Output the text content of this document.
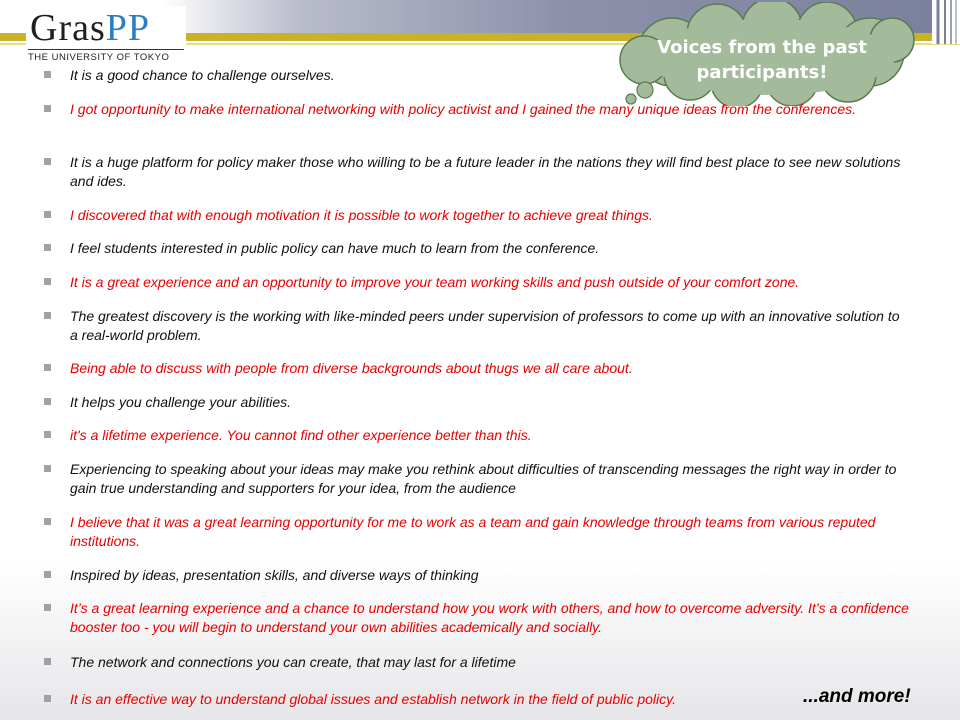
GrasPP
THE UNIVERSITY OF TOKYO	Voices from the past
participants!
It is a good chance to challenge ourselves.
I got opportunity to make international networking with policy activist and I gained the many unique ideas from the conferences.
It is a huge platform for policy maker those who willing to be a future leader in the nations they will find best place to see new solutions and ides.
I discovered that with enough motivation it is possible to work together to achieve great things.
I feel students interested in public policy can have much to learn from the conference.
It is a great experience and an opportunity to improve your team working skills and push outside of your comfort zone.
The greatest discovery is the working with like-minded peers under supervision of professors to come up with an innovative solution to a real-world problem.
Being able to discuss with people from diverse backgrounds about thugs we all care about.
It helps you challenge your abilities.
it's a lifetime experience. You cannot find other experience better than this.
Experiencing to speaking about your ideas may make you rethink about difficulties of transcending messages the right way in order to gain true understanding and supporters for your idea, from the audience
I believe that it was a great learning opportunity for me to work as a team and gain knowledge through teams from various reputed institutions.
Inspired by ideas, presentation skills, and diverse ways of thinking
It’s a great learning experience and a chance to understand how you work with others, and how to overcome adversity. It’s a confidence booster too - you will begin to understand your own abilities academically and socially.
The network and connections you can create, that may last for a lifetime
It is an effective way to understand global issues and establish network in the field of public policy.	...and more!
